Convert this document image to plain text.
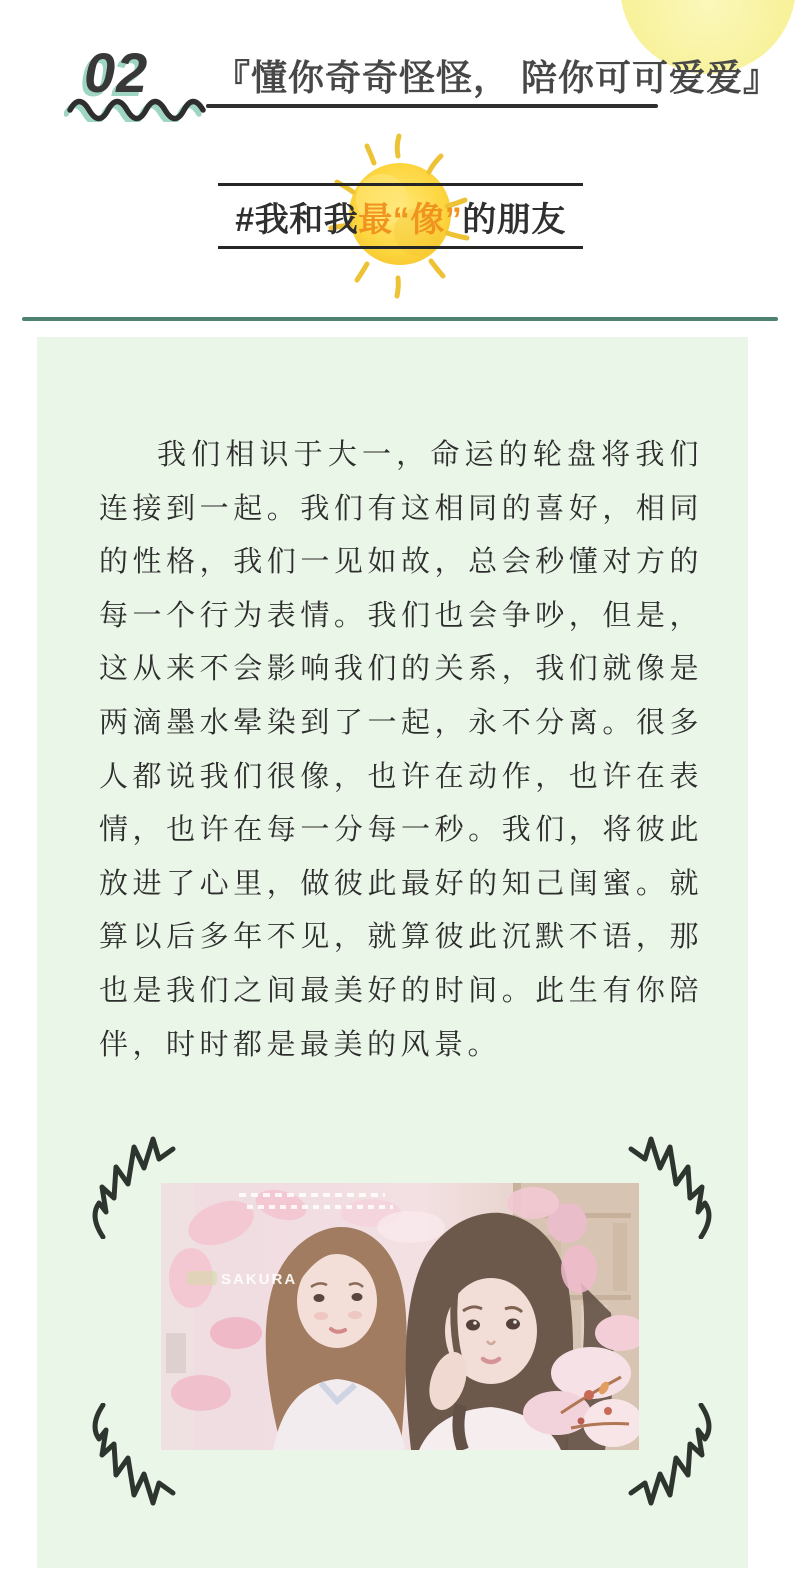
02 『懂你奇奇怪怪， 陪你可可爱爱』
#我和我最“像”的朋友

我们相识于大一，命运的轮盘将我们连接到一起。我们有这相同的喜好，相同的性格，我们一见如故，总会秒懂对方的每一个行为表情。我们也会争吵，但是，这从来不会影响我们的关系，我们就像是两滴墨水晕染到了一起，永不分离。很多人都说我们很像，也许在动作，也许在表情，也许在每一分每一秒。我们，将彼此放进了心里，做彼此最好的知己闺蜜。就算以后多年不见，就算彼此沉默不语，那也是我们之间最美好的时间。此生有你陪伴，时时都是最美的风景。

SAKURA
